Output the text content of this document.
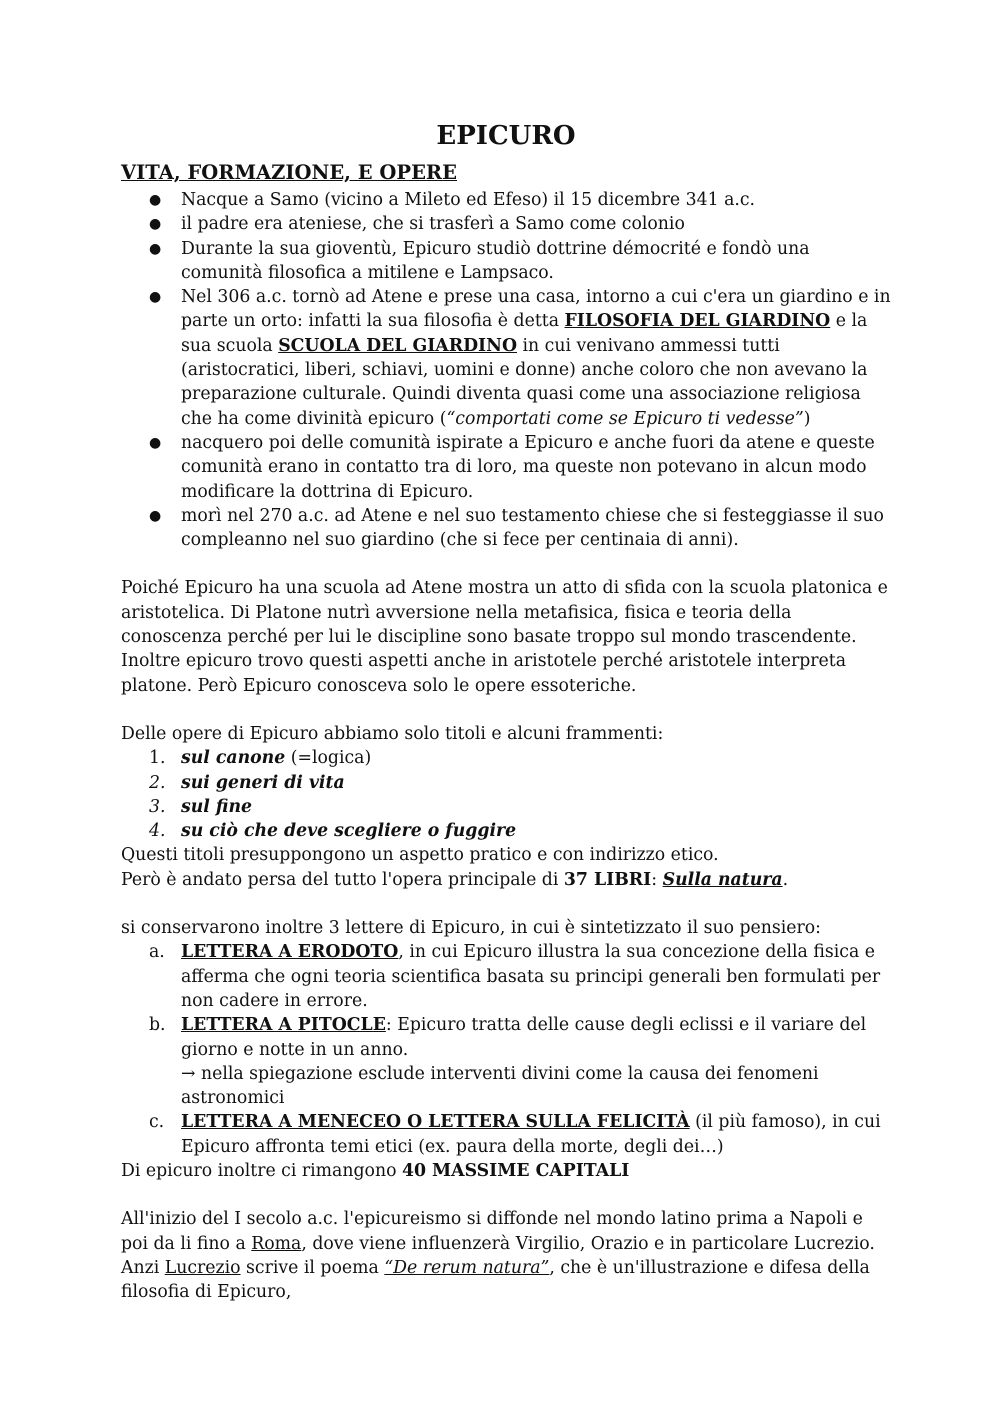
EPICURO
VITA, FORMAZIONE, E OPERE
● Nacque a Samo (vicino a Mileto ed Efeso) il 15 dicembre 341 a.c.
● il padre era ateniese, che si trasferì a Samo come colonio
● Durante la sua gioventù, Epicuro studiò dottrine démocrité e fondò una comunità filosofica a mitilene e Lampsaco.
● Nel 306 a.c. tornò ad Atene e prese una casa, intorno a cui c'era un giardino e in parte un orto: infatti la sua filosofia è detta FILOSOFIA DEL GIARDINO e la sua scuola SCUOLA DEL GIARDINO in cui venivano ammessi tutti (aristocratici, liberi, schiavi, uomini e donne) anche coloro che non avevano la preparazione culturale. Quindi diventa quasi come una associazione religiosa che ha come divinità epicuro (“comportati come se Epicuro ti vedesse”)
● nacquero poi delle comunità ispirate a Epicuro e anche fuori da atene e queste comunità erano in contatto tra di loro, ma queste non potevano in alcun modo modificare la dottrina di Epicuro.
● morì nel 270 a.c. ad Atene e nel suo testamento chiese che si festeggiasse il suo compleanno nel suo giardino (che si fece per centinaia di anni).

Poiché Epicuro ha una scuola ad Atene mostra un atto di sfida con la scuola platonica e aristotelica. Di Platone nutrì avversione nella metafisica, fisica e teoria della conoscenza perché per lui le discipline sono basate troppo sul mondo trascendente. Inoltre epicuro trovo questi aspetti anche in aristotele perché aristotele interpreta platone. Però Epicuro conosceva solo le opere essoteriche.

Delle opere di Epicuro abbiamo solo titoli e alcuni frammenti:

1. sul canone (=logica)
2. sui generi di vita
3. sul fine
4. su ciò che deve scegliere o fuggire

Questi titoli presuppongono un aspetto pratico e con indirizzo etico.

Però è andato persa del tutto l'opera principale di 37 LIBRI: Sulla natura.

si conservarono inoltre 3 lettere di Epicuro, in cui è sintetizzato il suo pensiero:

a. LETTERA A ERODOTO, in cui Epicuro illustra la sua concezione della fisica e afferma che ogni teoria scientifica basata su principi generali ben formulati per non cadere in errore.
b. LETTERA A PITOCLE: Epicuro tratta delle cause degli eclissi e il variare del giorno e notte in un anno.
→ nella spiegazione esclude interventi divini come la causa dei fenomeni astronomici
c. LETTERA A MENECEO O LETTERA SULLA FELICITÀ (il più famoso), in cui Epicuro affronta temi etici (ex. paura della morte, degli dei…)

Di epicuro inoltre ci rimangono 40 MASSIME CAPITALI

All'inizio del I secolo a.c. l'epicureismo si diffonde nel mondo latino prima a Napoli e poi da li fino a Roma, dove viene influenzerà Virgilio, Orazio e in particolare Lucrezio. Anzi Lucrezio scrive il poema “De rerum natura”, che è un'illustrazione e difesa della filosofia di Epicuro,
